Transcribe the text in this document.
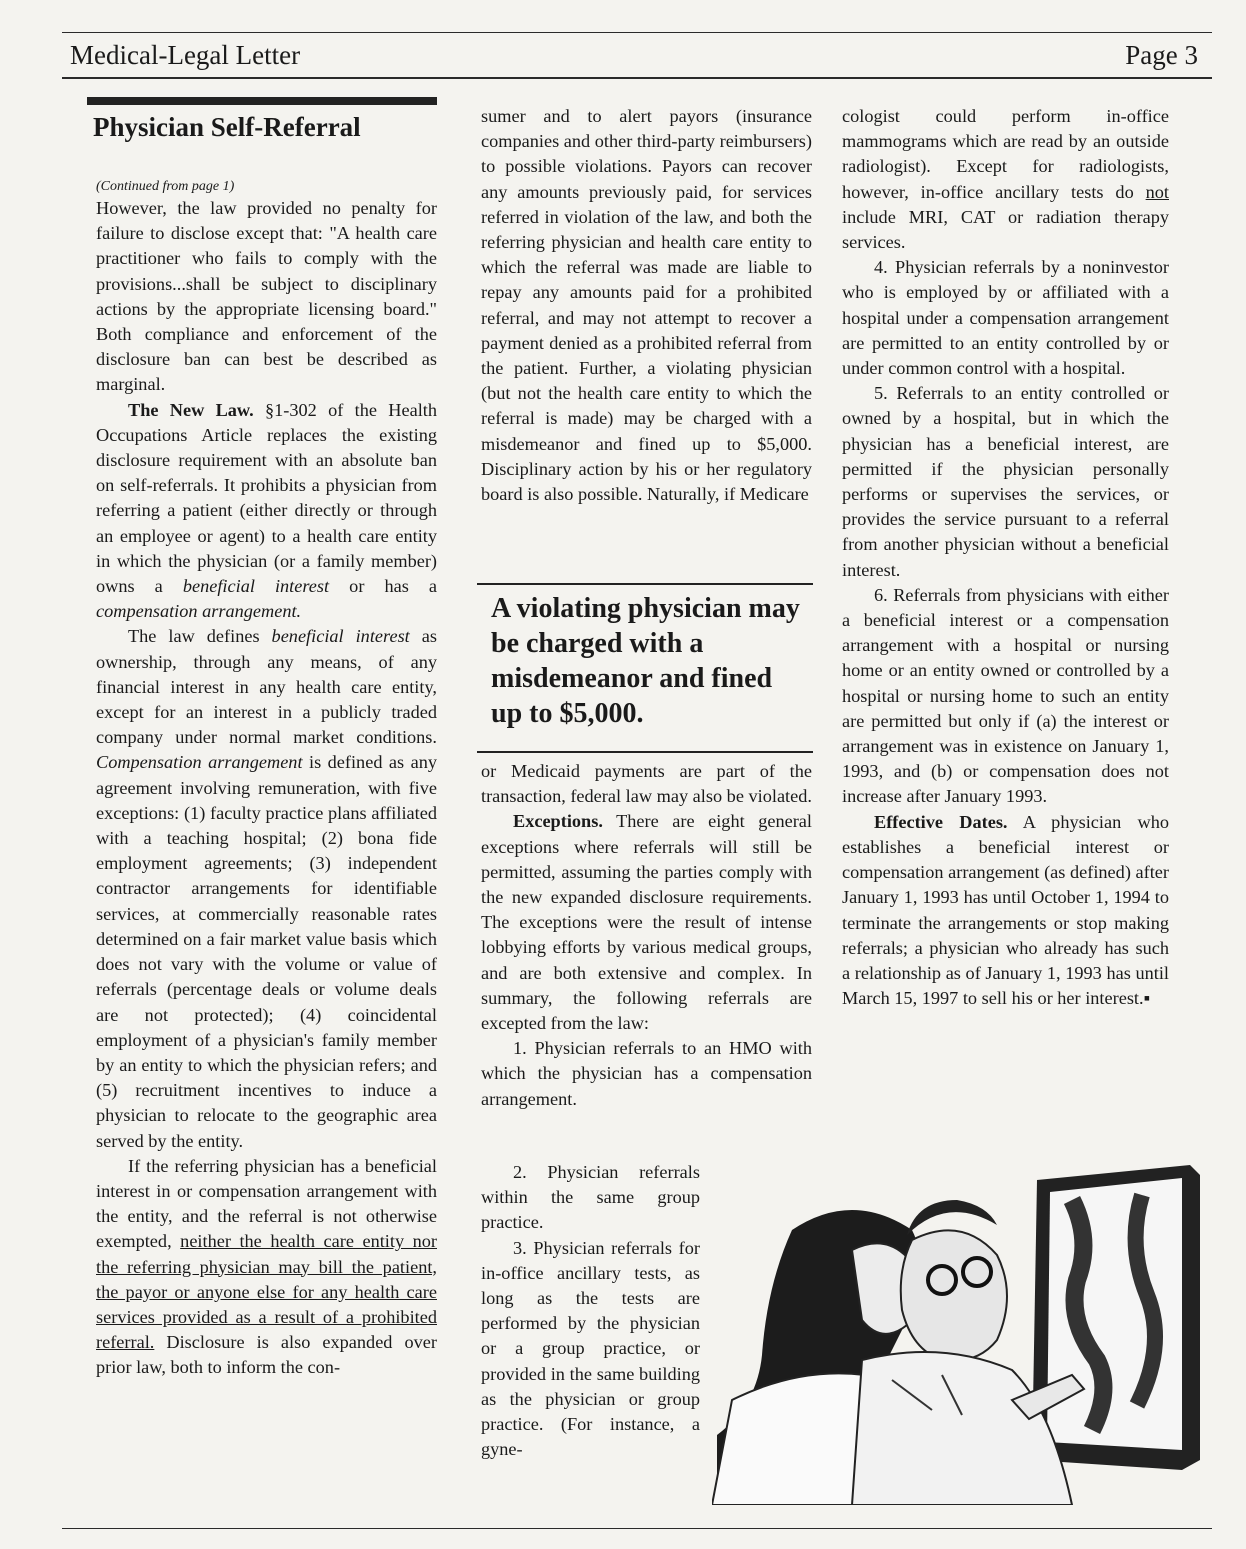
Medical-Legal Letter	Page 3
Physician Self-Referral

(Continued from page 1)

However, the law provided no penalty for failure to disclose except that: "A health care practitioner who fails to comply with the provisions...shall be subject to disciplinary actions by the appropriate licensing board." Both compliance and enforcement of the disclosure ban can best be described as marginal.

The New Law. §1-302 of the Health Occupations Article replaces the existing disclosure requirement with an absolute ban on self-referrals. It prohibits a physician from referring a patient (either directly or through an employee or agent) to a health care entity in which the physician (or a family member) owns a beneficial interest or has a compensation arrangement.

The law defines beneficial interest as ownership, through any means, of any financial interest in any health care entity, except for an interest in a publicly traded company under normal market conditions. Compensation arrangement is defined as any agreement involving remuneration, with five exceptions: (1) faculty practice plans affiliated with a teaching hospital; (2) bona fide employment agreements; (3) independent contractor arrangements for identifiable services, at commercially reasonable rates determined on a fair market value basis which does not vary with the volume or value of referrals (percentage deals or volume deals are not protected); (4) coincidental employment of a physician's family member by an entity to which the physician refers; and (5) recruitment incentives to induce a physician to relocate to the geographic area served by the entity.

If the referring physician has a beneficial interest in or compensation arrangement with the entity, and the referral is not otherwise exempted, neither the health care entity nor the referring physician may bill the patient, the payor or anyone else for any health care services provided as a result of a prohibited referral. Disclosure is also expanded over prior law, both to inform the con-

sumer and to alert payors (insurance companies and other third-party reimbursers) to possible violations. Payors can recover any amounts previously paid, for services referred in violation of the law, and both the referring physician and health care entity to which the referral was made are liable to repay any amounts paid for a prohibited referral, and may not attempt to recover a payment denied as a prohibited referral from the patient. Further, a violating physician (but not the health care entity to which the referral is made) may be charged with a misdemeanor and fined up to $5,000. Disciplinary action by his or her regulatory board is also possible. Naturally, if Medicare

A violating physician may be charged with a misdemeanor and fined up to $5,000.

or Medicaid payments are part of the transaction, federal law may also be violated.

Exceptions. There are eight general exceptions where referrals will still be permitted, assuming the parties comply with the new expanded disclosure requirements. The exceptions were the result of intense lobbying efforts by various medical groups, and are both extensive and complex. In summary, the following referrals are excepted from the law:

1. Physician referrals to an HMO with which the physician has a compensation arrangement.

2. Physician referrals within the same group practice.

3. Physician referrals for in-office ancillary tests, as long as the tests are performed by the physician or a group practice, or provided in the same building as the physician or group practice. (For instance, a gyne-

cologist could perform in-office mammograms which are read by an outside radiologist). Except for radiologists, however, in-office ancillary tests do not include MRI, CAT or radiation therapy services.

4. Physician referrals by a noninvestor who is employed by or affiliated with a hospital under a compensation arrangement are permitted to an entity controlled by or under common control with a hospital.

5. Referrals to an entity controlled or owned by a hospital, but in which the physician has a beneficial interest, are permitted if the physician personally performs or supervises the services, or provides the service pursuant to a referral from another physician without a beneficial interest.

6. Referrals from physicians with either a beneficial interest or a compensation arrangement with a hospital or nursing home or an entity owned or controlled by a hospital or nursing home to such an entity are permitted but only if (a) the interest or arrangement was in existence on January 1, 1993, and (b) or compensation does not increase after January 1993.

Effective Dates. A physician who establishes a beneficial interest or compensation arrangement (as defined) after January 1, 1993 has until October 1, 1994 to terminate the arrangements or stop making referrals; a physician who already has such a relationship as of January 1, 1993 has until March 15, 1997 to sell his or her interest.▪
